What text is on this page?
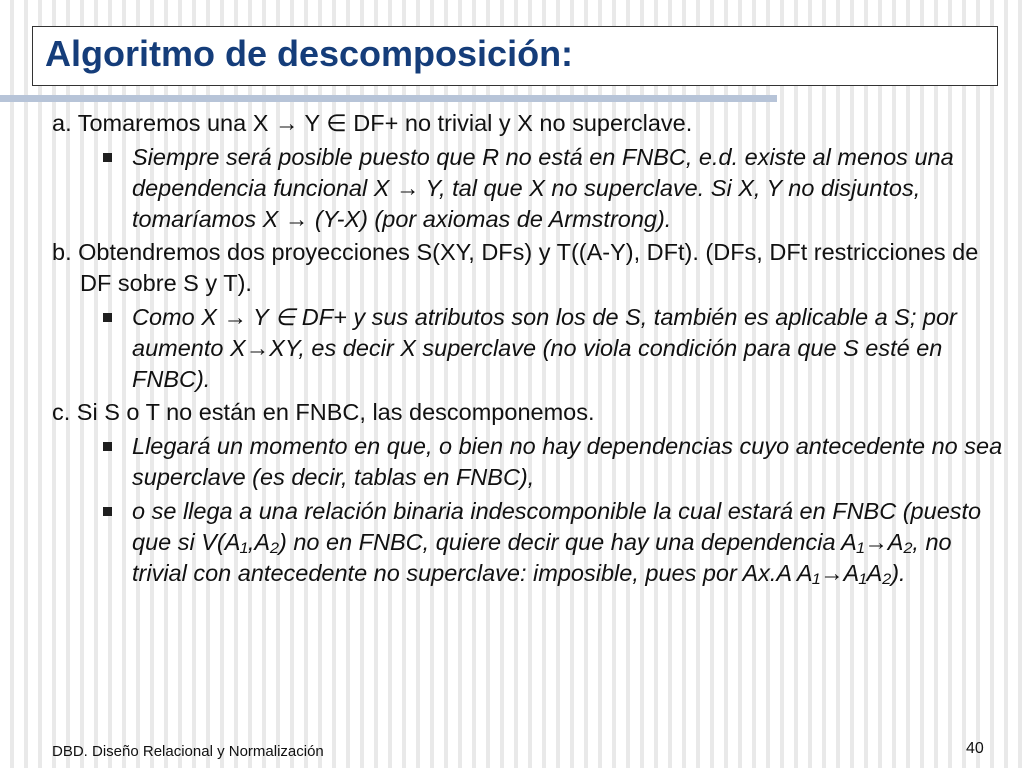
Algoritmo de descomposición:

a. Tomaremos una X → Y ∈ DF+ no trivial y X no superclave.

Siempre será posible puesto que R no está en FNBC, e.d. existe al menos una dependencia funcional X → Y, tal que X no superclave. Si X, Y no disjuntos, tomaríamos X → (Y-X) (por axiomas de Armstrong).

b. Obtendremos dos proyecciones S(XY, DFs) y T((A-Y), DFt). (DFs, DFt restricciones de DF sobre S y T).

Como X → Y ∈ DF+ y sus atributos son los de S, también es aplicable a S; por aumento X→XY, es decir X superclave (no viola condición para que S esté en FNBC).

c. Si S o T no están en FNBC, las descomponemos.

Llegará un momento en que, o bien no hay dependencias cuyo antecedente no sea superclave (es decir, tablas en FNBC),
o se llega a una relación binaria indescomponible la cual estará en FNBC (puesto que si V(A₁,A₂) no en FNBC, quiere decir que hay una dependencia A₁→A₂, no trivial con antecedente no superclave: imposible, pues por Ax.A A₁→A₁A₂).
DBD. Diseño Relacional y Normalización	40
